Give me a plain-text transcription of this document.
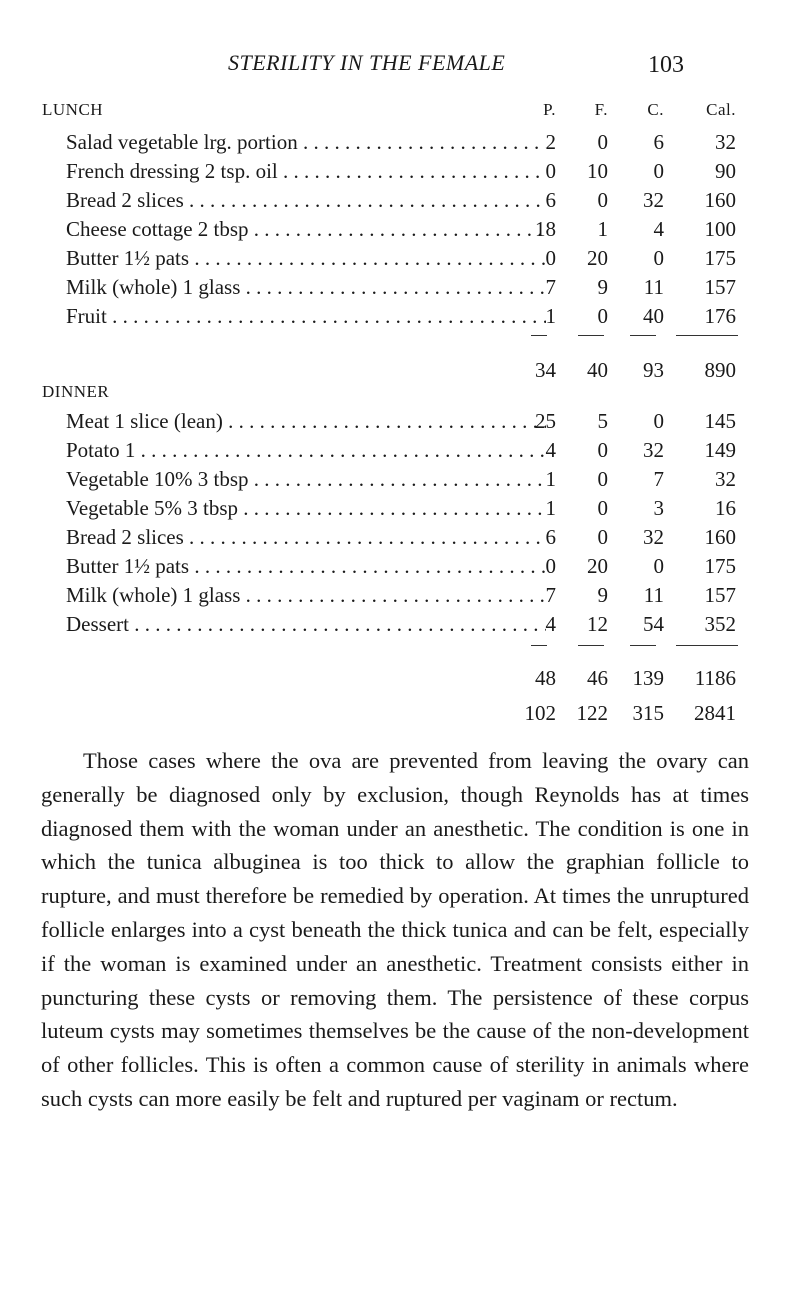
STERILITY IN THE FEMALE	103
LUNCH	P.	F.	C.	Cal.
Salad vegetable lrg. portion . . .	2	0	6	32
French dressing 2 tsp. oil . . .	0	10	0	90
Bread 2 slices . . .	6	0	32	160
Cheese cottage 2 tbsp . . .	18	1	4	100
Butter 1½ pats . . .	0	20	0	175
Milk (whole) 1 glass . . .	7	9	11	157
Fruit . . .	1	0	40	176
34	40	93	890
DINNER
Meat 1 slice (lean) . . .	25	5	0	145
Potato 1 . . .	4	0	32	149
Vegetable 10% 3 tbsp . . .	1	0	7	32
Vegetable 5% 3 tbsp . . .	1	0	3	16
Bread 2 slices . . .	6	0	32	160
Butter 1½ pats . . .	0	20	0	175
Milk (whole) 1 glass . . .	7	9	11	157
Dessert . . .	4	12	54	352
48	46	139	1186
102 122	315	2841

Those cases where the ova are prevented from leaving the ovary can generally be diagnosed only by exclusion, though Reynolds has at times diagnosed them with the woman under an anesthetic. The condition is one in which the tunica albuginea is too thick to allow the graphian follicle to rupture, and must therefore be remedied by operation. At times the unruptured follicle enlarges into a cyst beneath the thick tunica and can be felt, especially if the woman is examined under an anesthetic. Treatment consists either in puncturing these cysts or removing them. The persistence of these corpus luteum cysts may sometimes themselves be the cause of the non-development of other follicles. This is often a common cause of sterility in animals where such cysts can more easily be felt and ruptured per vaginam or rectum.
